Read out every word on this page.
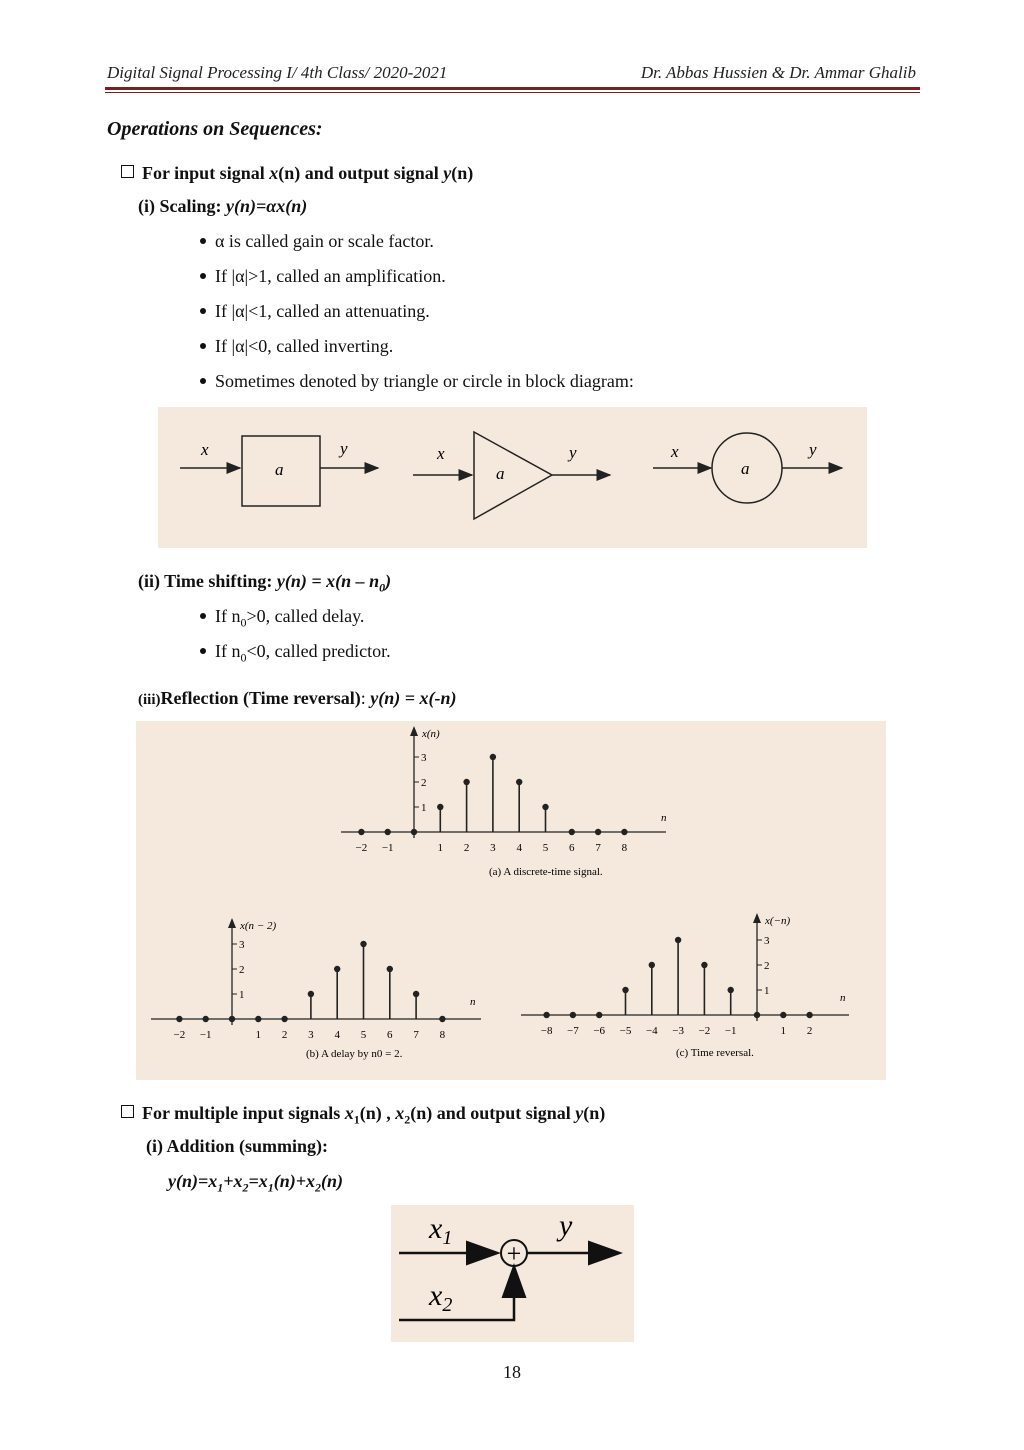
Digital Signal Processing I/ 4th Class/ 2020-2021	Dr. Abbas Hussien & Dr. Ammar Ghalib
Operations on Sequences:
For input signal x(n) and output signal y(n)
(i) Scaling: y(n)=αx(n)
α is called gain or scale factor.
If |α|>1, called an amplification.
If |α|<1, called an attenuating.
If |α|<0, called inverting.
Sometimes denoted by triangle or circle in block diagram:
x
a
y	x
a
y	x
a
y
(ii) Time shifting: $y(n) = x(n - n_0)$
If $n_0>0$, called delay.
If $n_0<0$, called predictor.
(iii)Reflection (Time reversal): y(n) = x(-n)
1
2
3
x(n)
n
−2 −1	1 2 3 4 5 6 7 8
(a) A discrete-time signal.
1
2
3
x(n − 2)
n
−2 −1	1 2 3 4 5 6 7 8
(b) A delay by n0 = 2.
1
2
3
x(−n)
n
−8 −7 −6 −5 −4 −3 −2 −1	1 2
(c) Time reversal.
For multiple input signals $x_1(n)$ , $x_2(n)$ and output signal y(n)
(i) Addition (summing):
$y(n)=x_1+x_2=x_1(n)+x_2(n)$
$x_1$
+
y
$x_2$
18
